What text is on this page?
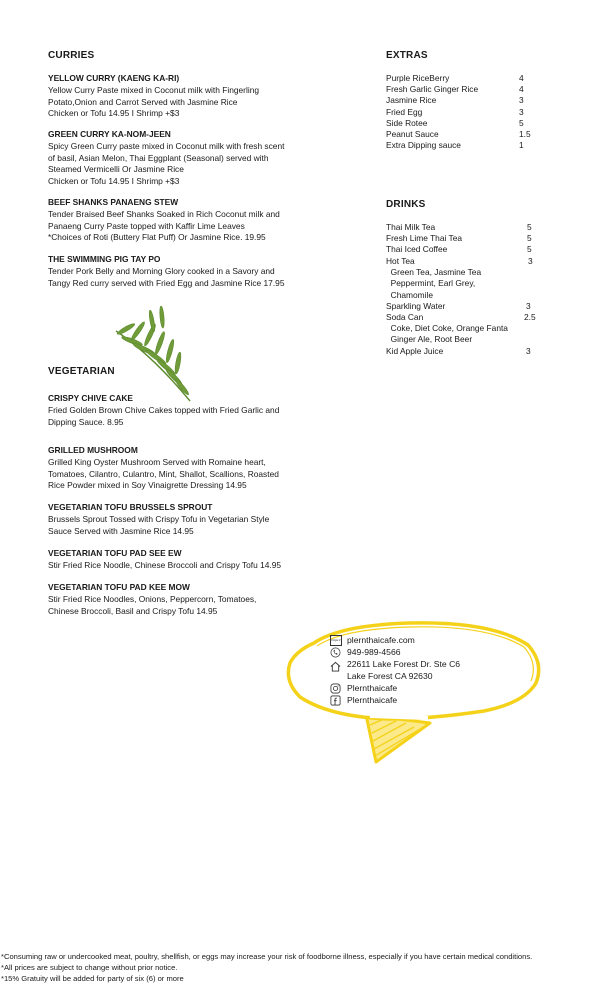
CURRIES
YELLOW CURRY (KAENG KA-RI)
Yellow Curry Paste mixed in Coconut milk with Fingerling
Potato,Onion and Carrot Served with Jasmine Rice
Chicken or Tofu 14.95 I Shrimp +$3
GREEN CURRY KA-NOM-JEEN
Spicy Green Curry paste mixed in Coconut milk with fresh scent
of basil, Asian Melon, Thai Eggplant (Seasonal) served with
Steamed Vermicelli Or Jasmine Rice
Chicken or Tofu 14.95 I Shrimp +$3
BEEF SHANKS PANAENG STEW
Tender Braised Beef Shanks Soaked in Rich Coconut milk and
Panaeng Curry Paste topped with Kaffir Lime Leaves
*Choices of Roti (Buttery Flat Puff) Or Jasmine Rice. 19.95
THE SWIMMING PIG TAY PO
Tender Pork Belly and Morning Glory cooked in a Savory and
Tangy Red curry served with Fried Egg and Jasmine Rice 17.95
VEGETARIAN
CRISPY CHIVE CAKE
Fried Golden Brown Chive Cakes topped with Fried Garlic and
Dipping Sauce. 8.95
GRILLED MUSHROOM
Grilled King Oyster Mushroom Served with Romaine heart,
Tomatoes, Cilantro, Culantro, Mint, Shallot, Scallions, Roasted
Rice Powder mixed in Soy Vinaigrette Dressing 14.95
VEGETARIAN TOFU BRUSSELS SPROUT
Brussels Sprout Tossed with Crispy Tofu in Vegetarian Style
Sauce Served with Jasmine Rice 14.95
VEGETARIAN TOFU PAD SEE EW
Stir Fried Rice Noodle, Chinese Broccoli and Crispy Tofu 14.95
VEGETARIAN TOFU PAD KEE MOW
Stir Fried Rice Noodles, Onions, Peppercorn, Tomatoes,
Chinese Broccoli, Basil and Crispy Tofu 14.95
EXTRAS
Purple RiceBerry	4
Fresh Garlic Ginger Rice	4
Jasmine Rice	3
Fried Egg	3
Side Rotee	5
Peanut Sauce	1.5
Extra Dipping sauce	1
DRINKS
Thai Milk Tea	5
Fresh Lime Thai Tea	5
Thai Iced Coffee	5
Hot Tea	3
Green Tea, Jasmine Tea
Peppermint, Earl Grey,
Chamomile
Sparkling Water	3
Soda Can	2.5
Coke, Diet Coke, Orange Fanta
Ginger Ale, Root Beer
Kid Apple Juice	3
https:// plernthaicafe.com
949-989-4566
22611 Lake Forest Dr. Ste C6
Lake Forest CA 92630
Plernthaicafe
Plernthaicafe
*Consuming raw or undercooked meat, poultry, shellfish, or eggs may increase your risk of foodborne illness, especially if you have certain medical conditions.
*All prices are subject to change without prior notice.
*15% Gratuity will be added for party of six (6) or more
